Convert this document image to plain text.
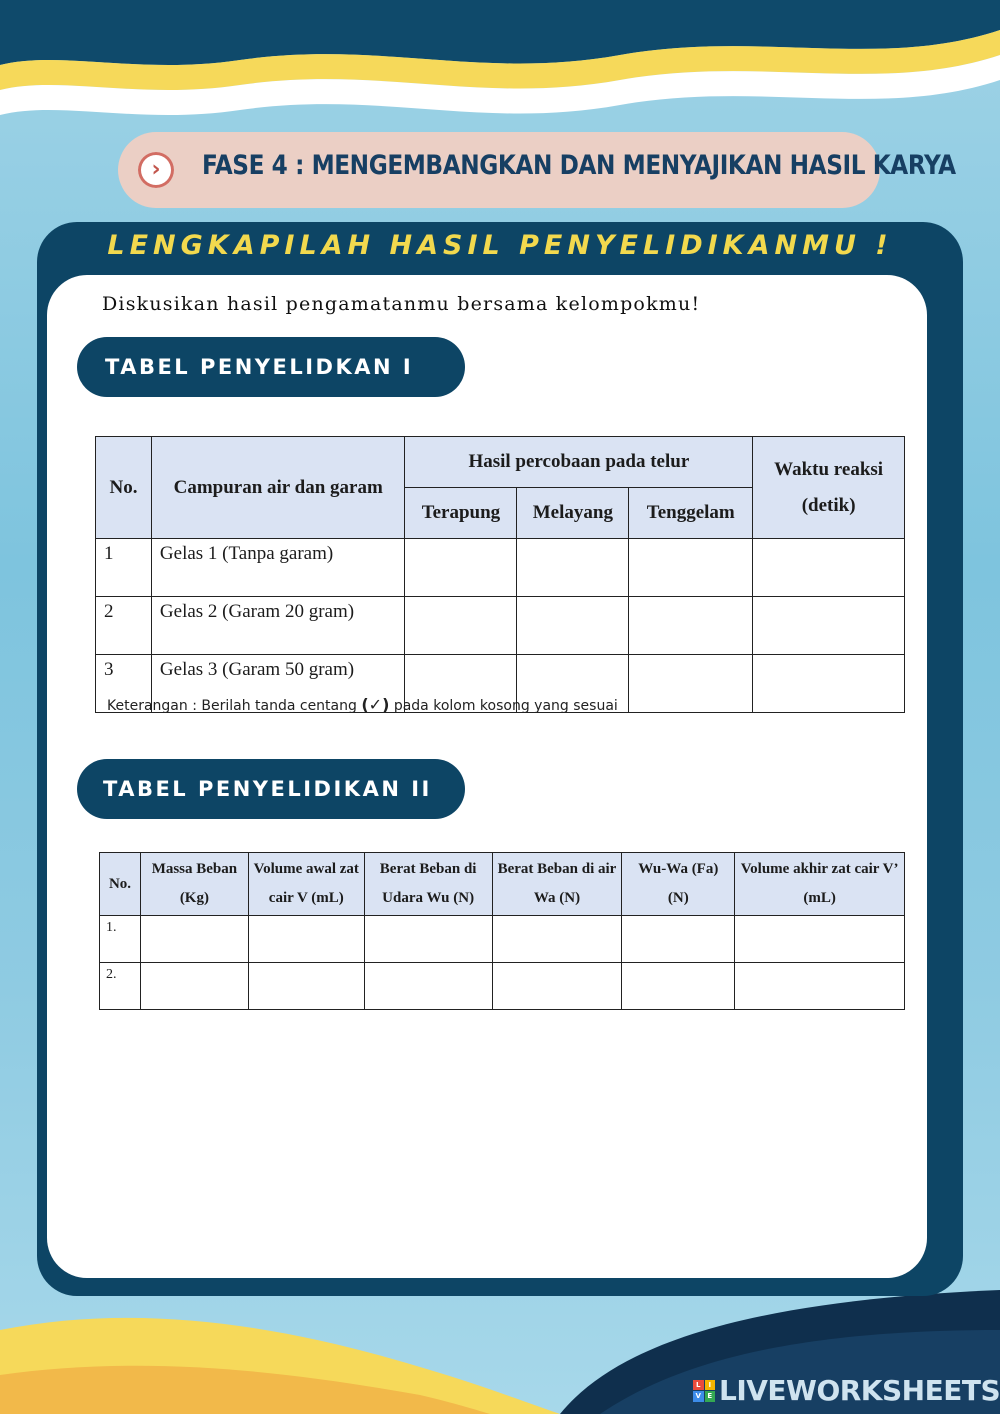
›	FASE 4 : MENGEMBANGKAN DAN MENYAJIKAN HASIL KARYA
LENGKAPILAH HASIL PENYELIDIKANMU !
Diskusikan hasil pengamatanmu bersama kelompokmu!
TABEL PENYELIDKAN I
No.	Campuran air dan garam	Hasil percobaan pada telur			Waktu reaksi (detik)
		Terapung	Melayang	Tenggelam	
1	Gelas 1 (Tanpa garam)				
2	Gelas 2 (Garam 20 gram)				
3	Gelas 3 (Garam 50 gram)				
Keterangan : Berilah tanda centang (✓) pada kolom kosong yang sesuai
TABEL PENYELIDIKAN II
No.	Massa Beban (Kg)	Volume awal zat cair V (mL)	Berat Beban di Udara Wu (N)	Berat Beban di air Wa (N)	Wu-Wa (Fa) (N)	Volume akhir zat cair V’ (mL)
1.						
2.						
L	I
V E LIVEWORKSHEETS
